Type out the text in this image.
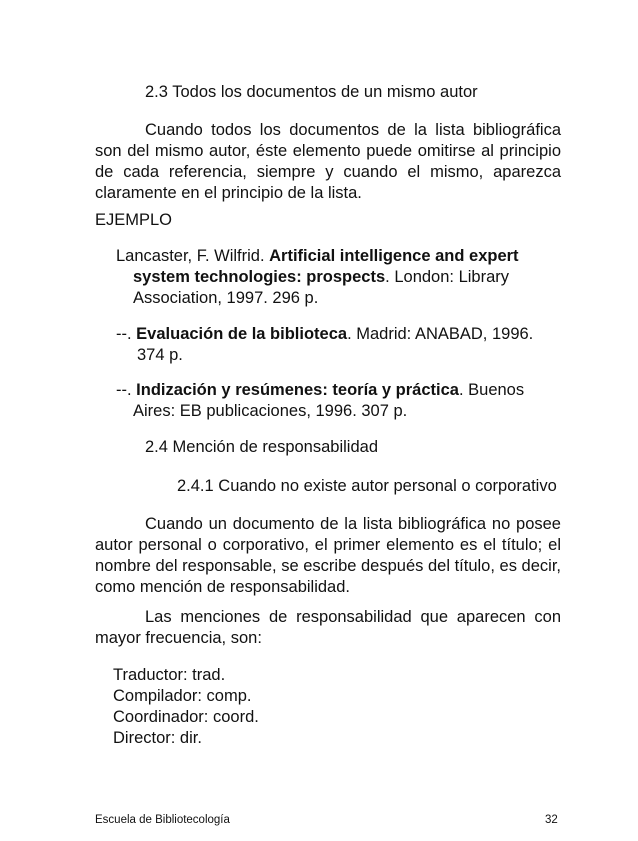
2.3 Todos los documentos de un mismo autor
Cuando todos los documentos de la lista bibliográfica
son del mismo autor, éste elemento puede omitirse al principio
de cada referencia, siempre y cuando el mismo, aparezca
claramente en el principio de la lista.
EJEMPLO
Lancaster, F. Wilfrid. Artificial intelligence and expert
system technologies: prospects. London: Library
Association, 1997. 296 p.
--. Evaluación de la biblioteca. Madrid: ANABAD, 1996.
374 p.
--. Indización y resúmenes: teoría y práctica. Buenos
Aires: EB publicaciones, 1996. 307 p.
2.4 Mención de responsabilidad
2.4.1 Cuando no existe autor personal o corporativo
Cuando un documento de la lista bibliográfica no posee
autor personal o corporativo, el primer elemento es el título; el
nombre del responsable, se escribe después del título, es decir,
como mención de responsabilidad.
Las menciones de responsabilidad que aparecen con
mayor frecuencia, son:
Traductor: trad.
Compilador: comp.
Coordinador: coord.
Director: dir.
Escuela de Bibliotecología	32
